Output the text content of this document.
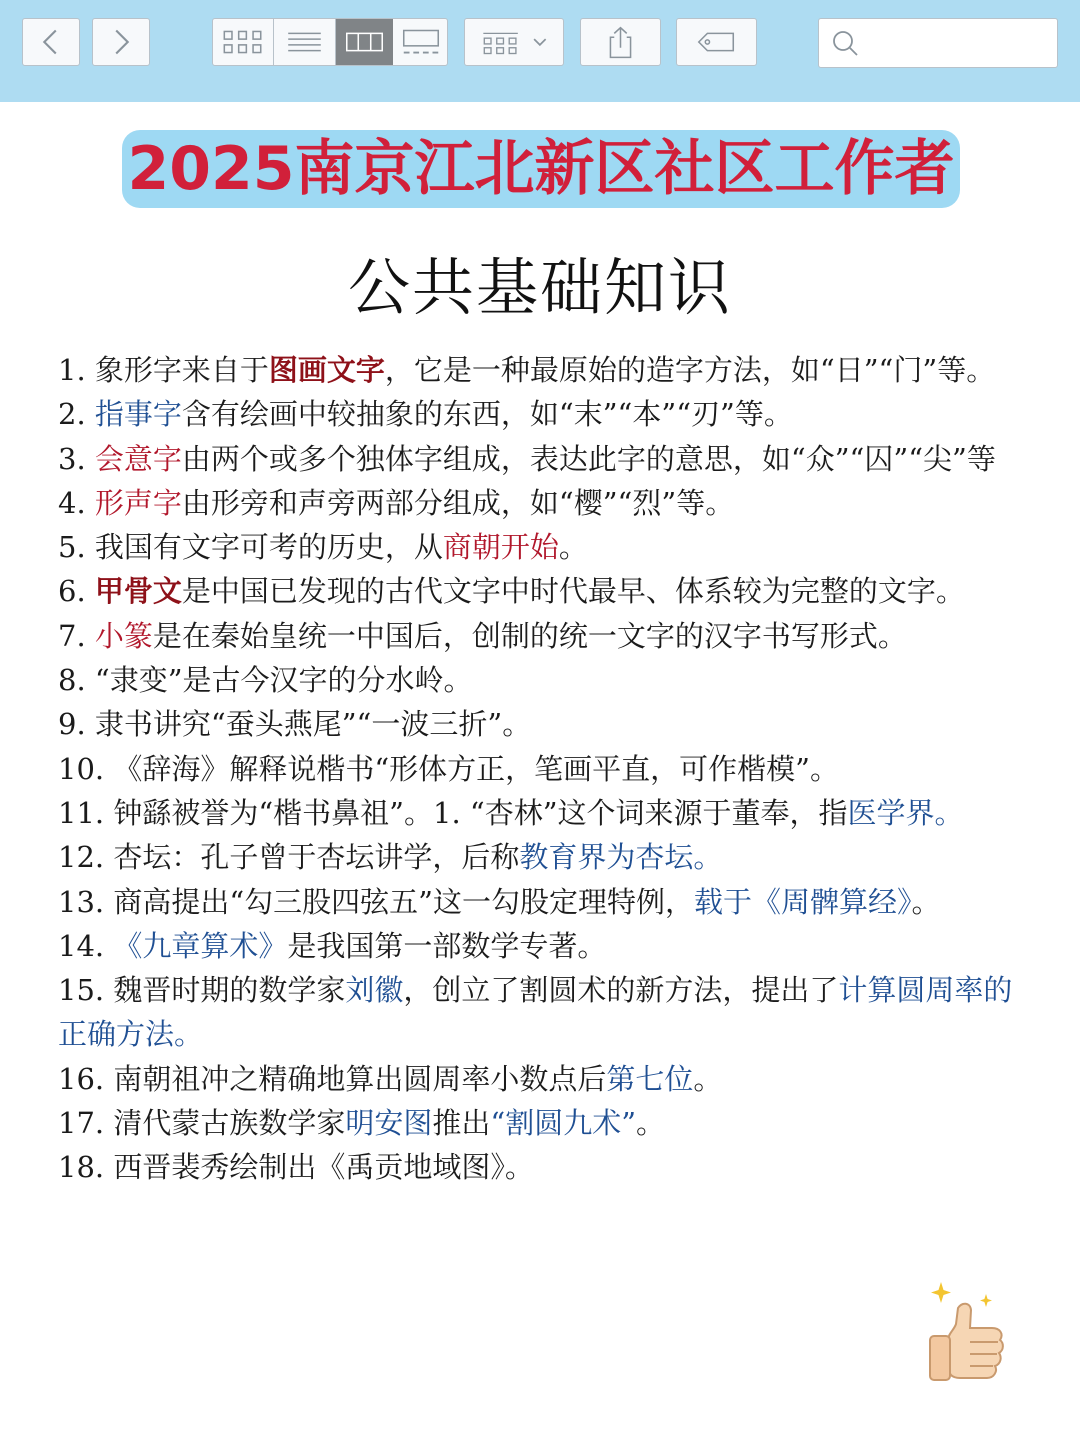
2025南京江北新区社区工作者
公共基础知识

1. 象形字来自于图画文字，它是一种最原始的造字方法，如“日”“门”等。

2. 指事字含有绘画中较抽象的东西，如“末”“本”“刃”等。

3. 会意字由两个或多个独体字组成，表达此字的意思，如“众”“囚”“尖”等

4. 形声字由形旁和声旁两部分组成，如“樱”“烈”等。

5. 我国有文字可考的历史，从商朝开始。

6. 甲骨文是中国已发现的古代文字中时代最早、体系较为完整的文字。

7. 小篆是在秦始皇统一中国后，创制的统一文字的汉字书写形式。

8. “隶变”是古今汉字的分水岭。

9. 隶书讲究“蚕头燕尾”“一波三折”。

10. 《辞海》解释说楷书“形体方正，笔画平直，可作楷模”。

11. 钟繇被誉为“楷书鼻祖”。1. “杏林”这个词来源于董奉，指医学界。

12. 杏坛：孔子曾于杏坛讲学，后称教育界为杏坛。

13. 商高提出“勾三股四弦五”这一勾股定理特例，载于《周髀算经》。

14. 《九章算术》是我国第一部数学专著。

15. 魏晋时期的数学家刘徽，创立了割圆术的新方法，提出了计算圆周率的正确方法。

16. 南朝祖冲之精确地算出圆周率小数点后第七位。

17. 清代蒙古族数学家明安图推出“割圆九术”。

18. 西晋裴秀绘制出《禹贡地域图》。
